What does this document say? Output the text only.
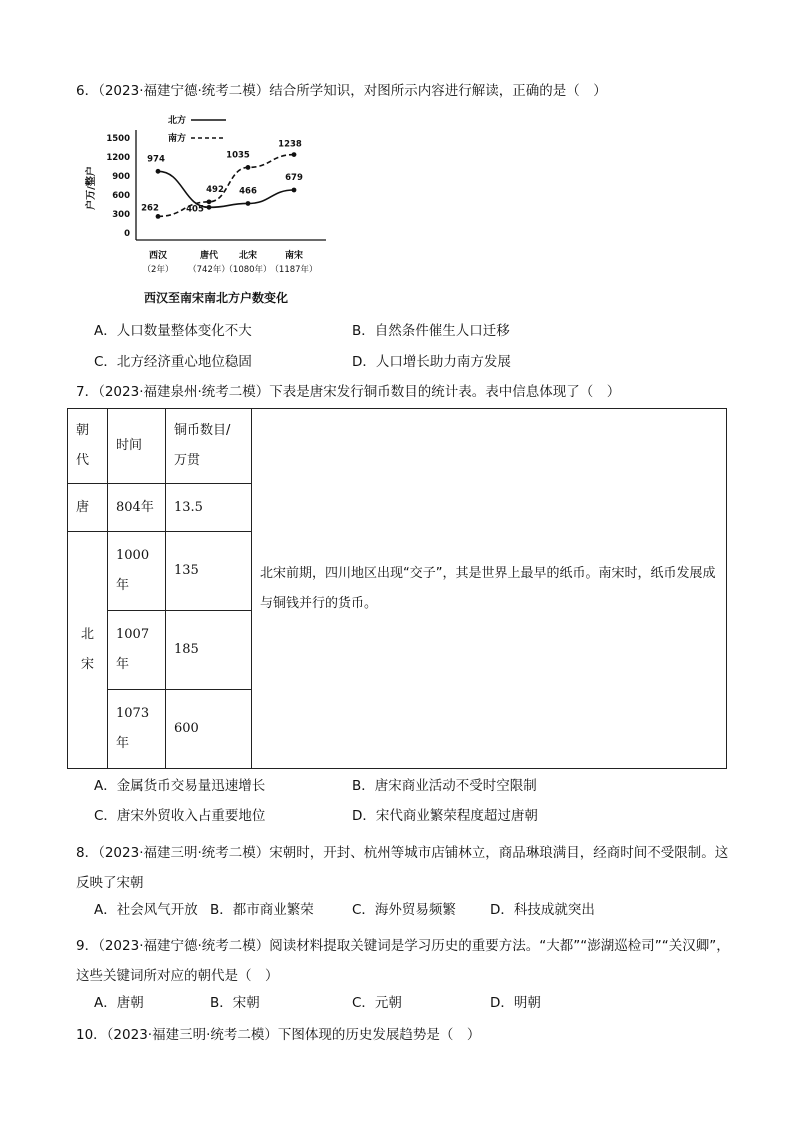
6．（2023·福建宁德·统考二模）结合所学知识，对图所示内容进行解读，正确的是（　）
0
300
600
900
1200
1500
户万/整户
北方
南方
974
405
466
679
262
492
1035
1238
西汉
（2年）
唐代
（742年）
北宋
（1080年）
南宋
（1187年）
西汉至南宋南北方户数变化
A．人口数量整体变化不大	B．自然条件催生人口迁移
C．北方经济重心地位稳固	D．人口增长助力南方发展
7．（2023·福建泉州·统考二模）下表是唐宋发行铜币数目的统计表。表中信息体现了（　）
朝代	时间	铜币数目/万贯	北宋前期，四川地区出现“交子”，其是世界上最早的纸币。南宋时，纸币发展成与铜钱并行的货币。
唐	804年	13.5	
北宋	1000年	135	
	1007年	185	
	1073年	600	
A．金属货币交易量迅速增长	B．唐宋商业活动不受时空限制
C．唐宋外贸收入占重要地位	D．宋代商业繁荣程度超过唐朝
8．（2023·福建三明·统考二模）宋朝时，开封、杭州等城市店铺林立，商品琳琅满目，经商时间不受限制。这反映了宋朝
A．社会风气开放 B．都市商业繁荣	C．海外贸易频繁	D．科技成就突出
9．（2023·福建宁德·统考二模）阅读材料提取关键词是学习历史的重要方法。“大都”“澎湖巡检司”“关汉卿”，这些关键词所对应的朝代是（　）
A．唐朝	B．宋朝	C．元朝	D．明朝
10．（2023·福建三明·统考二模）下图体现的历史发展趋势是（　）
